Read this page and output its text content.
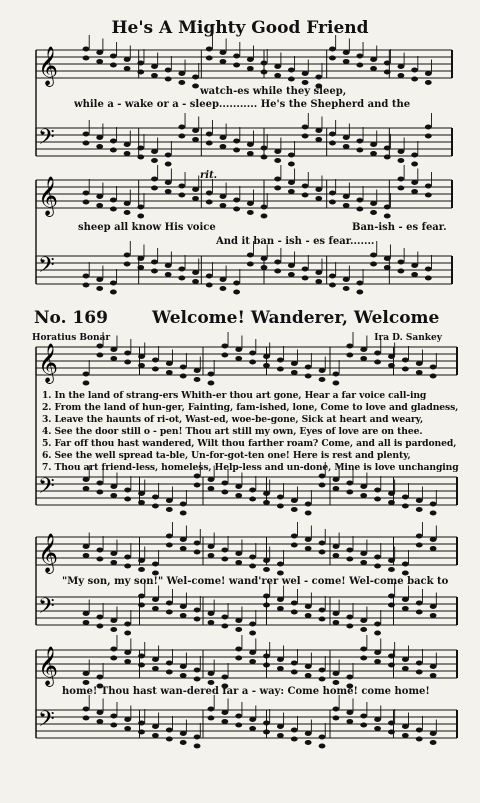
𝄞
𝄢
𝄞
𝄢
𝄞
𝄢
𝄞
𝄢
𝄞
𝄢
He's A Mighty Good Friend
watch-es while they sleep,
while a - wake or a - sleep........... He's the Shepherd and the
rit.
sheep all know His voice	Ban-ish - es fear.
And it ban - ish - es fear.......
No. 169	Welcome! Wanderer, Welcome
Horatius Bonar	Ira D. Sankey
1. In the land of strang-ers Whith-er thou art gone, Hear a far voice call-ing
2. From the land of hun-ger, Fainting, fam-ished, lone, Come to love and gladness,
3. Leave the haunts of ri-ot, Wast-ed, woe-be-gone, Sick at heart and weary,
4. See the door still o - pen! Thou art still my own, Eyes of love are on thee.
5. Far off thou hast wandered, Wilt thou farther roam? Come, and all is pardoned,
6. See the well spread ta-ble, Un-for-got-ten one! Here is rest and plenty,
7. Thou art friend-less, homeless, Help-less and un-done, Mine is love unchanging
"My son, my son!" Wel-come! wand'rer wel - come! Wel-come back to
home! Thou hast wan-dered far a - way: Come home! come home!
